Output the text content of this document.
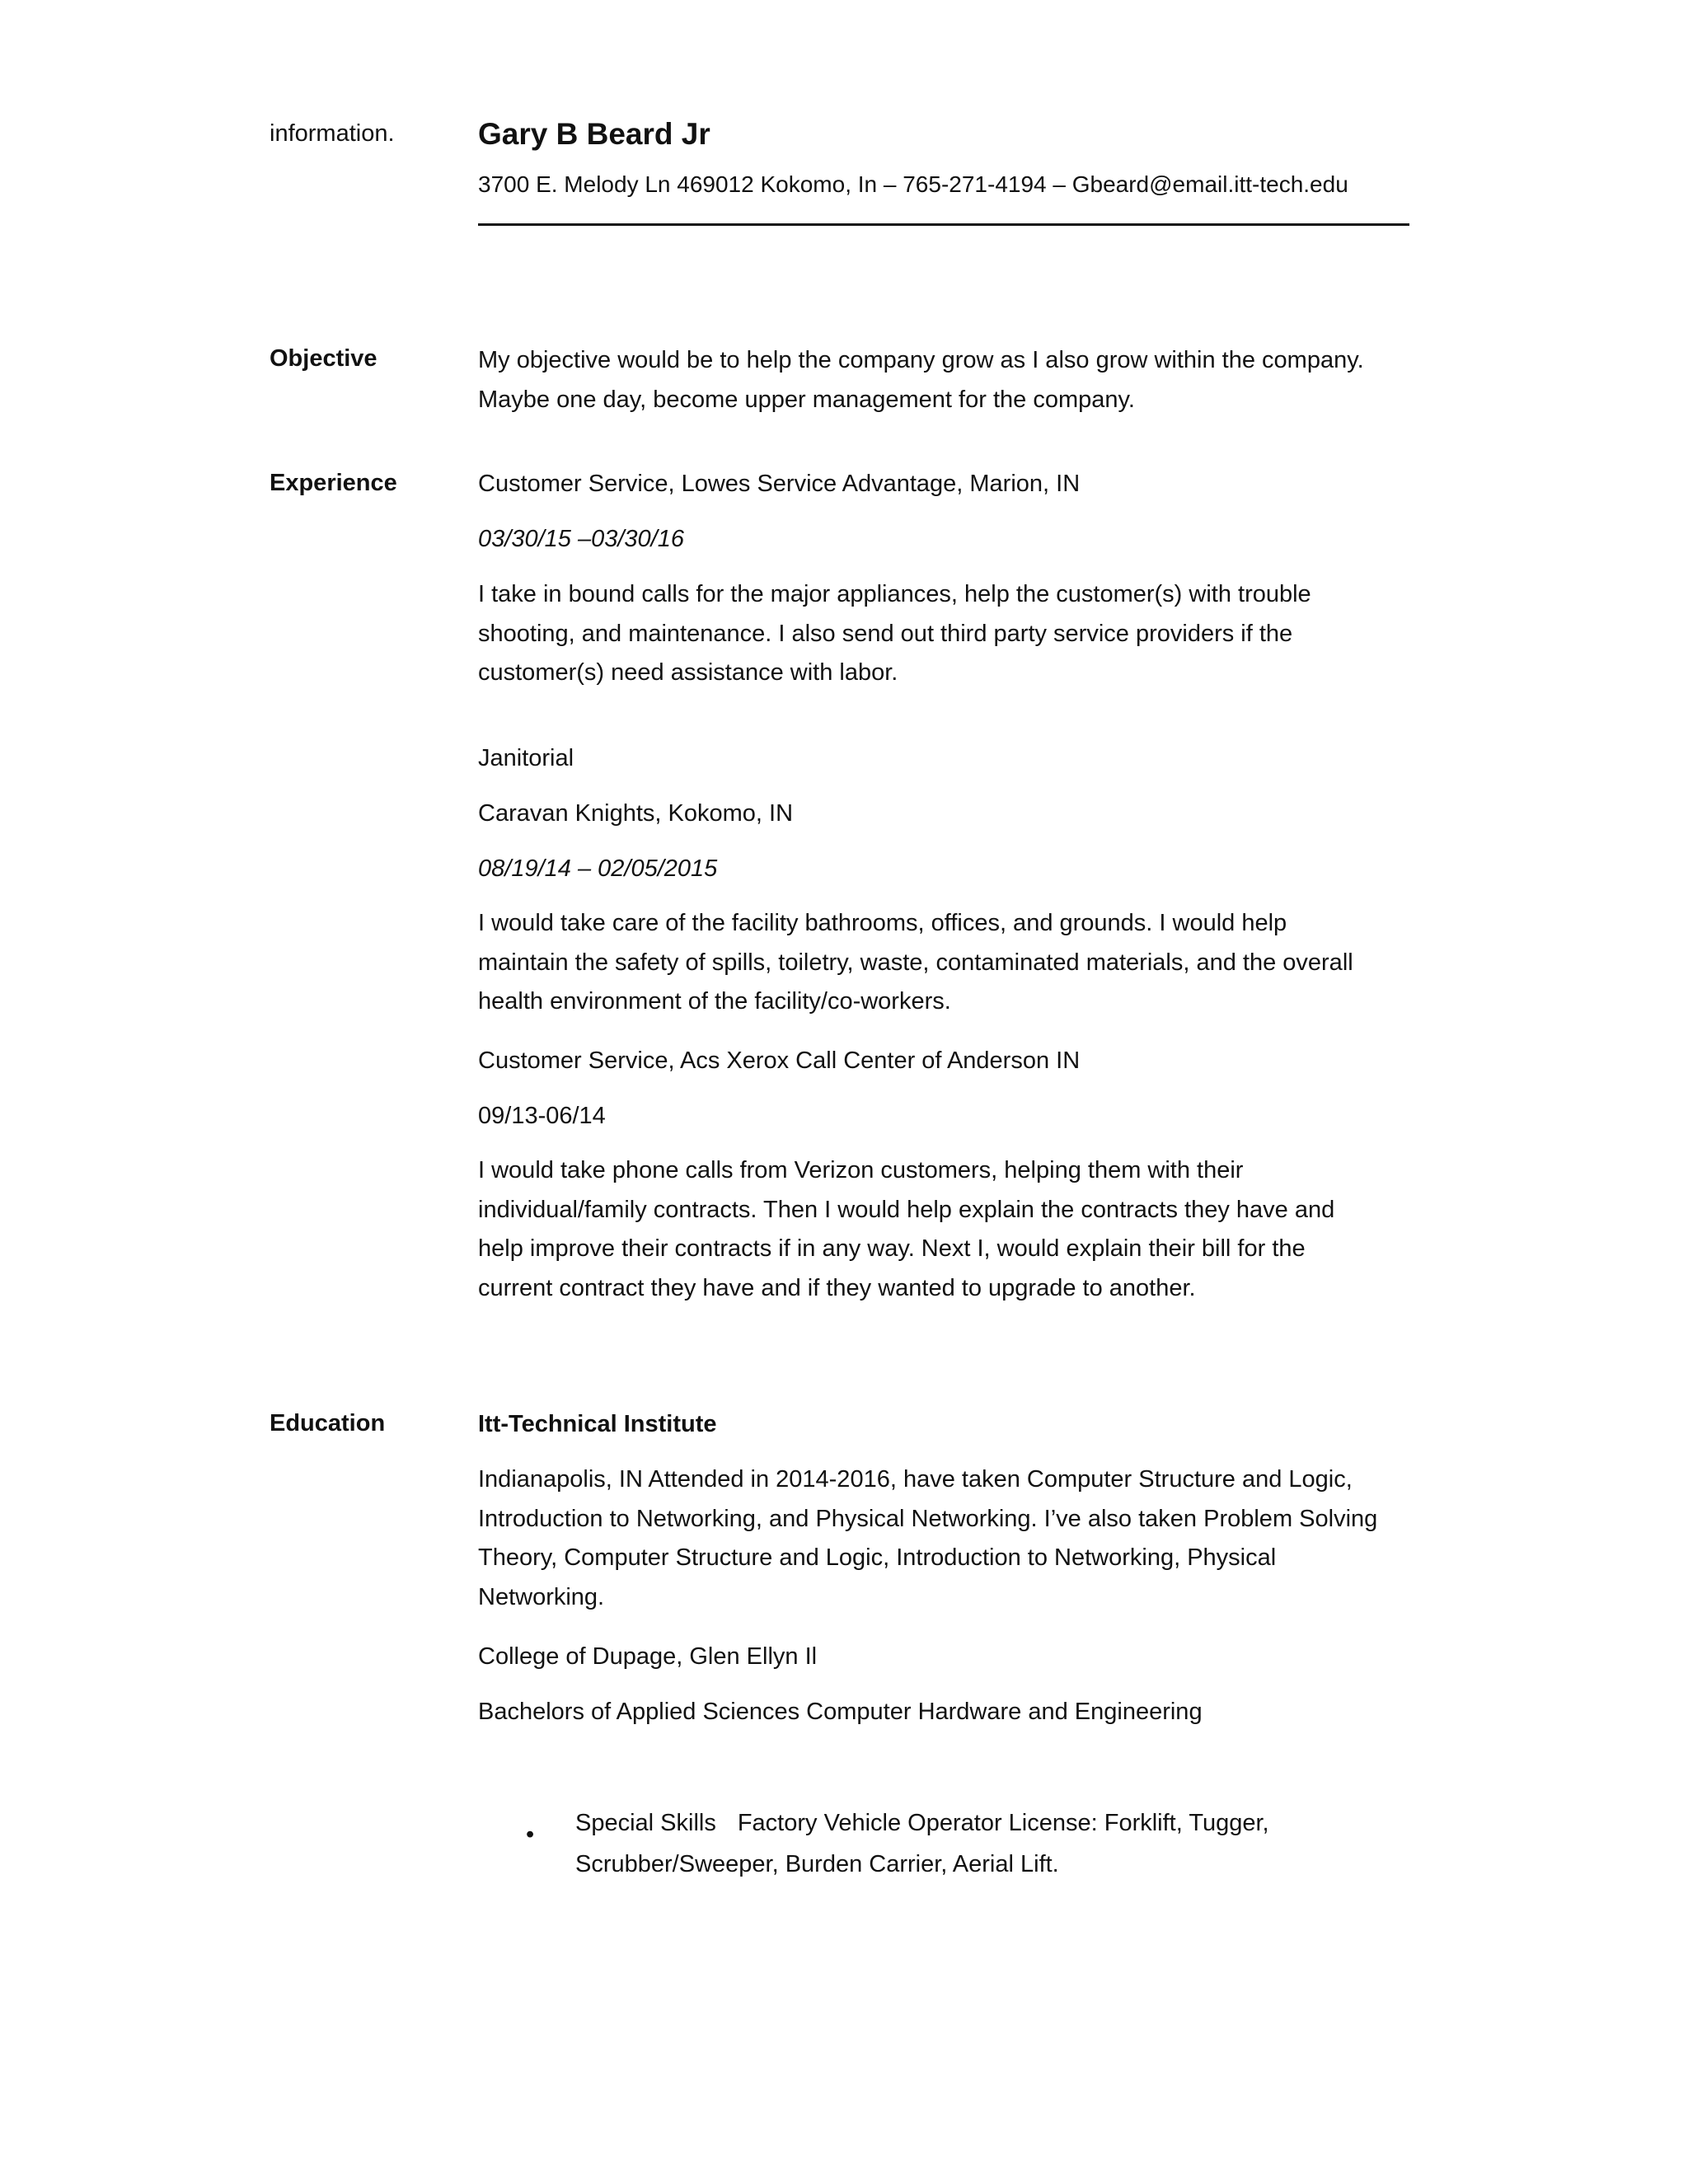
information.	Gary B Beard Jr
3700 E. Melody Ln 469012 Kokomo, In – 765-271-4194 – Gbeard@email.itt-tech.edu
Objective	My objective would be to help the company grow as I also grow within the company.
Maybe one day, become upper management for the company.
Experience	Customer Service, Lowes Service Advantage, Marion, IN
03/30/15 –03/30/16
I take in bound calls for the major appliances, help the customer(s) with trouble
shooting, and maintenance. I also send out third party service providers if the
customer(s) need assistance with labor.
Janitorial
Caravan Knights, Kokomo, IN
08/19/14 – 02/05/2015
I would take care of the facility bathrooms, offices, and grounds. I would help
maintain the safety of spills, toiletry, waste, contaminated materials, and the overall
health environment of the facility/co-workers.
Customer Service, Acs Xerox Call Center of Anderson IN
09/13-06/14
I would take phone calls from Verizon customers, helping them with their
individual/family contracts. Then I would help explain the contracts they have and
help improve their contracts if in any way. Next I, would explain their bill for the
current contract they have and if they wanted to upgrade to another.
Education	Itt-Technical Institute
Indianapolis, IN Attended in 2014-2016, have taken Computer Structure and Logic,
Introduction to Networking, and Physical Networking. I’ve also taken Problem Solving
Theory, Computer Structure and Logic, Introduction to Networking, Physical
Networking.
College of Dupage, Glen Ellyn Il
Bachelors of Applied Sciences Computer Hardware and Engineering
• Special Skills Factory Vehicle Operator License: Forklift, Tugger,
Scrubber/Sweeper, Burden Carrier, Aerial Lift.
